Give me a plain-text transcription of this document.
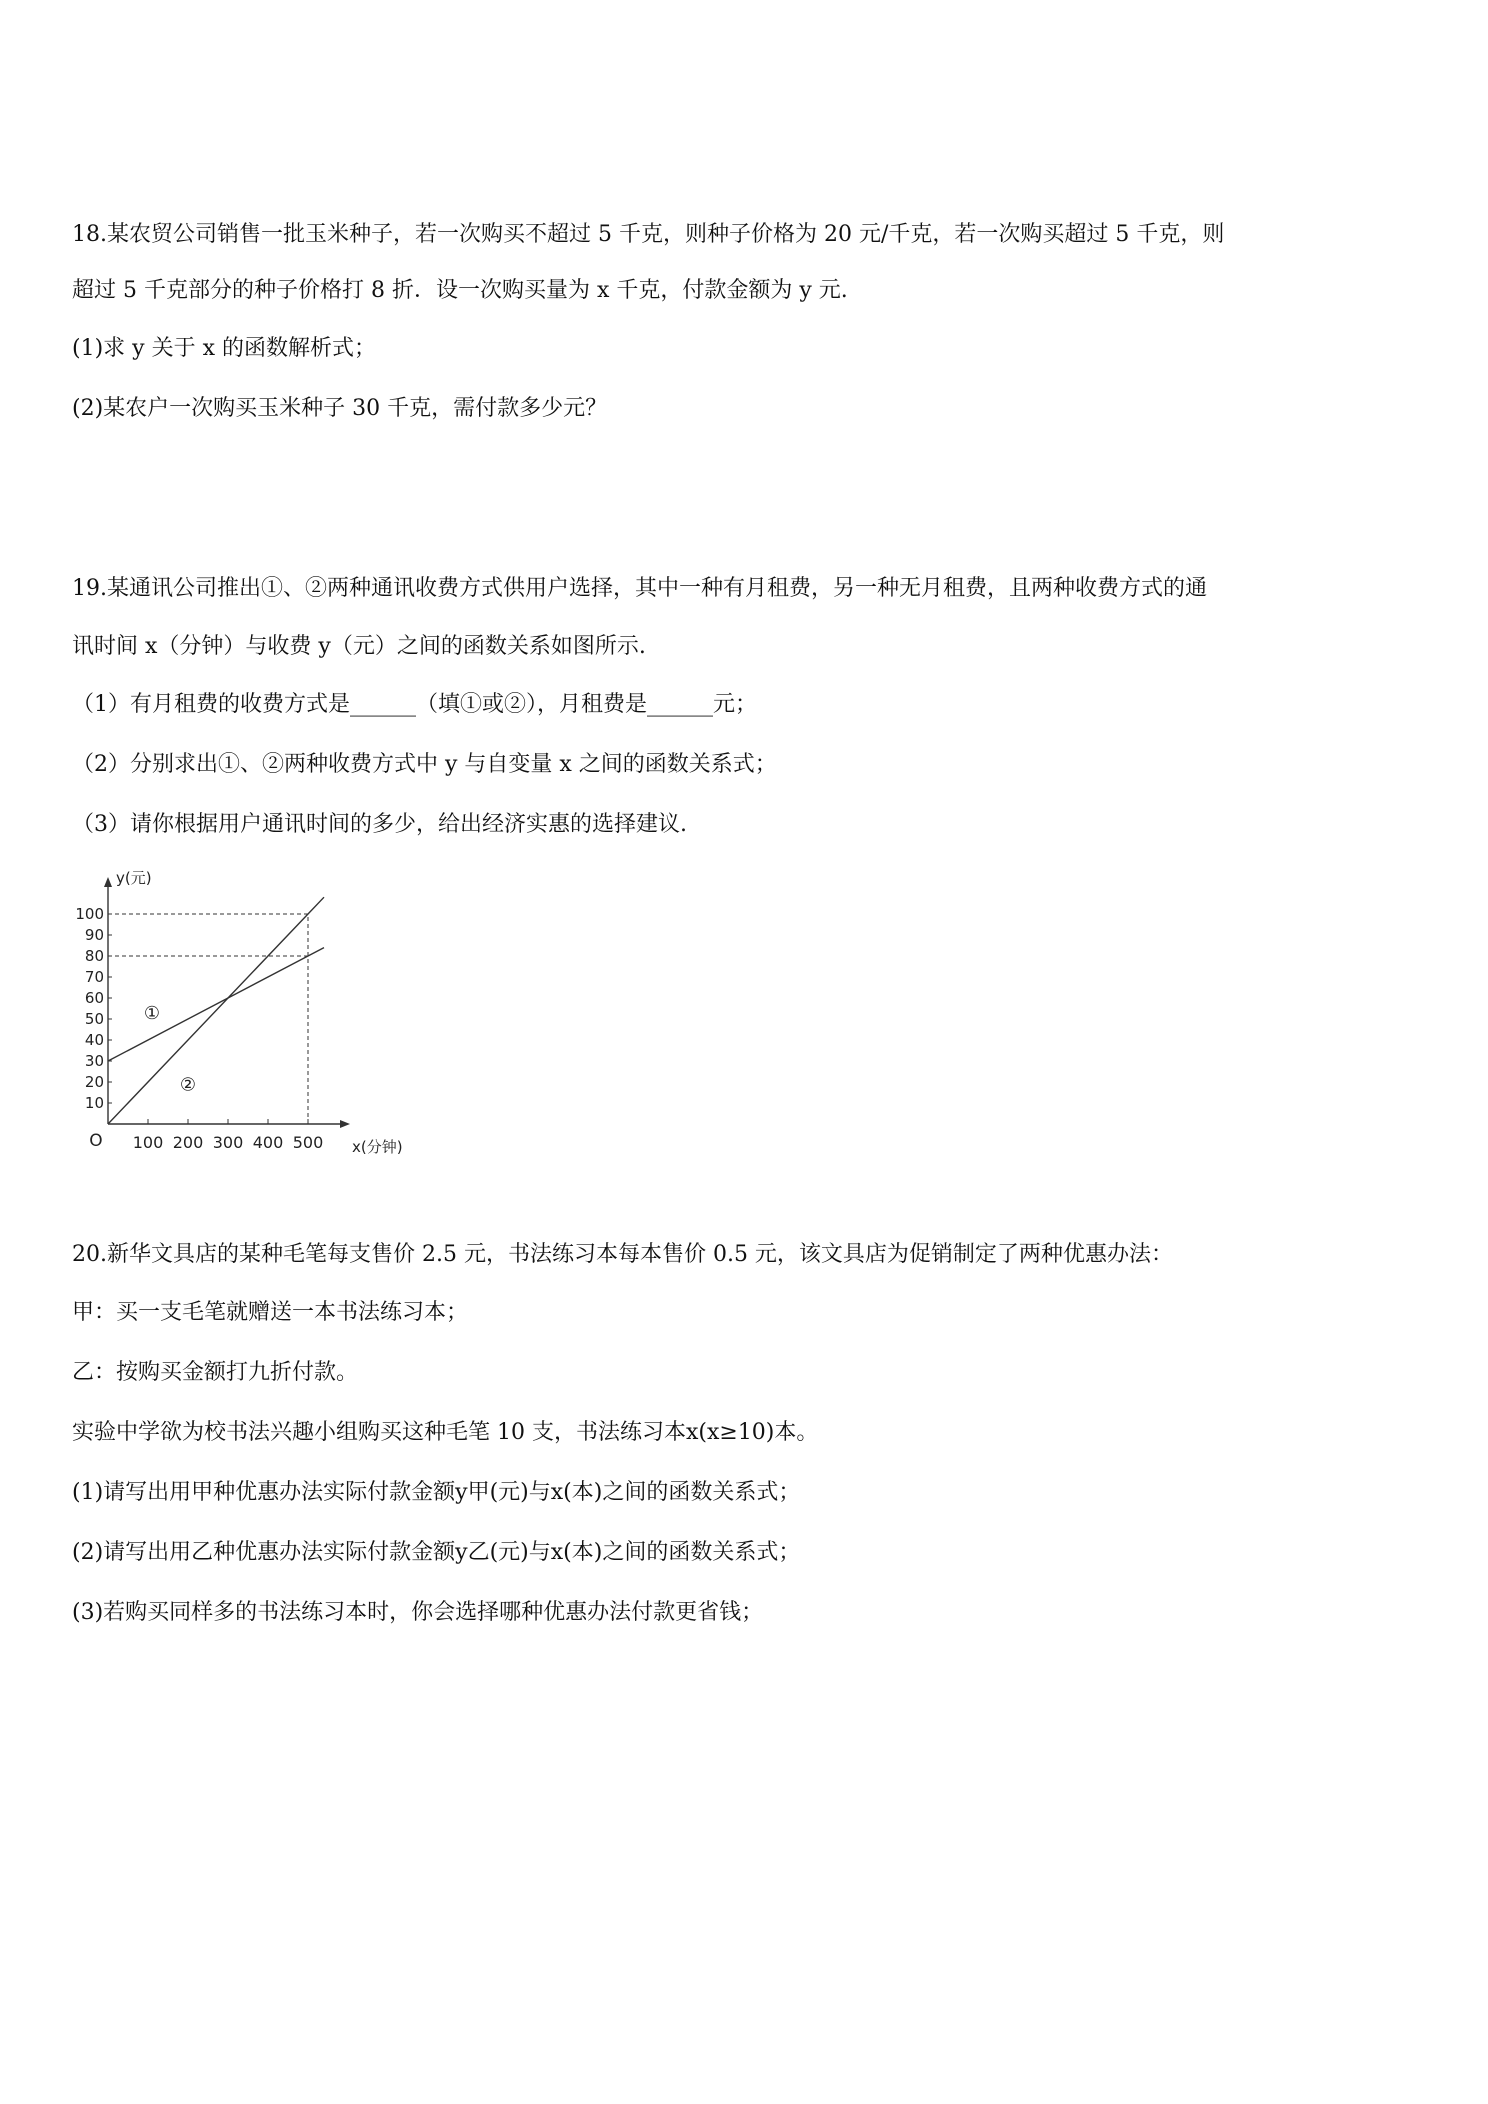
18.某农贸公司销售一批玉米种子，若一次购买不超过 5 千克，则种子价格为 20 元/千克，若一次购买超过 5 千克，则

超过 5 千克部分的种子价格打 8 折．设一次购买量为 x 千克，付款金额为 y 元.

(1)求 y 关于 x 的函数解析式；

(2)某农户一次购买玉米种子 30 千克，需付款多少元？

19.某通讯公司推出①、②两种通讯收费方式供用户选择，其中一种有月租费，另一种无月租费，且两种收费方式的通

讯时间 x（分钟）与收费 y（元）之间的函数关系如图所示.

（1）有月租费的收费方式是______（填①或②），月租费是______元；

（2）分别求出①、②两种收费方式中 y 与自变量 x 之间的函数关系式；

（3）请你根据用户通讯时间的多少，给出经济实惠的选择建议.

y(元)
x(分钟)
O 100 200 300 400 500
10
20
30
40
50
60
70
80
90
100
①
②

20.新华文具店的某种毛笔每支售价 2.5 元，书法练习本每本售价 0.5 元，该文具店为促销制定了两种优惠办法：

甲：买一支毛笔就赠送一本书法练习本；

乙：按购买金额打九折付款。

实验中学欲为校书法兴趣小组购买这种毛笔 10 支，书法练习本x(x≥10)本。

(1)请写出用甲种优惠办法实际付款金额y甲(元)与x(本)之间的函数关系式；

(2)请写出用乙种优惠办法实际付款金额y乙(元)与x(本)之间的函数关系式；

(3)若购买同样多的书法练习本时，你会选择哪种优惠办法付款更省钱；
